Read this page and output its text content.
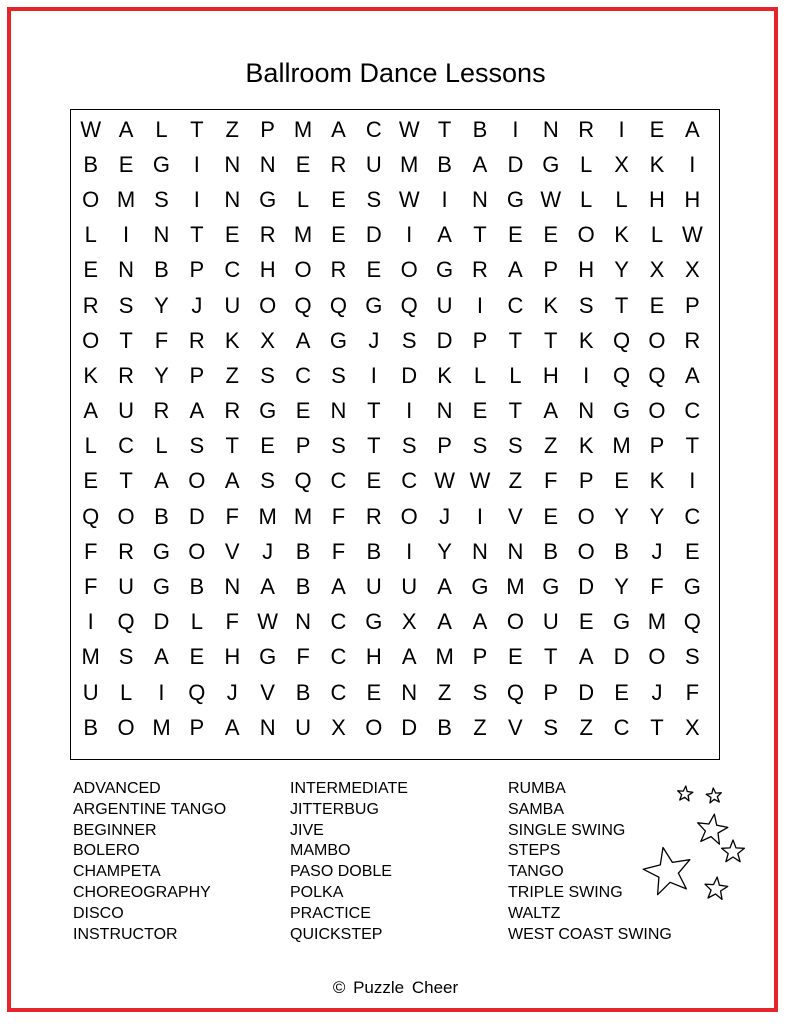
Ballroom Dance Lessons
W A L	T Z P M A C W T B	I	N R	I	E A
B E G	I	N N E R U M B A D G L X K	I
O M S	I	N G L E S W I	N G W L	L H H
L	I	N T E R M E D	I	A T E E O K L W
E N B P C H O R E O G R A P H Y X X
R S Y	J U O Q Q G Q U	I	C K S T E P
O T F R K X A G J	S D P T T K Q O R
K R Y P Z S C S	I	D K L	L H	I	Q Q A
A U R A R G E N T	I	N E T A N G O C
L C L S T E P S T S P S S Z K M P T
E T A O A S Q C E C W W Z F P E K	I
Q O B D F M M F R O J	I	V E O Y Y C
F R G O V	J	B F B	I	Y N N B O B	J	E
F U G B N A B A U U A G M G D Y F G
I	Q D L	F W N C G X A A O U E G M Q
M S A E H G F C H A M P E T A D O S
U L	I	Q J	V B C E N Z S Q P D E	J	F
B O M P A N U X O D B Z V S Z C T X
ADVANCED
ARGENTINE TANGO
BEGINNER
BOLERO
CHAMPETA
CHOREOGRAPHY
DISCO
INSTRUCTOR
INTERMEDIATE
JITTERBUG
JIVE
MAMBO
PASO DOBLE
POLKA
PRACTICE
QUICKSTEP
RUMBA
SAMBA
SINGLE SWING
STEPS
TANGO
TRIPLE SWING
WALTZ
WEST COAST SWING
© Puzzle Cheer
